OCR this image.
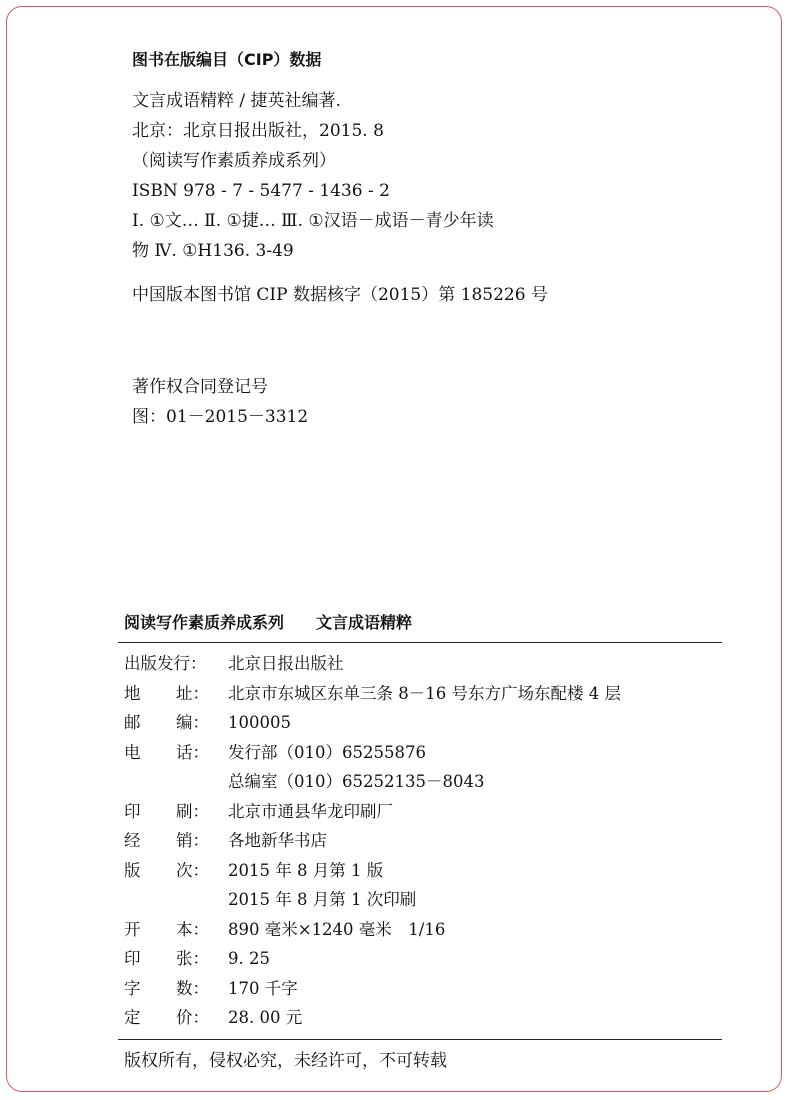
图书在版编目（CIP）数据
文言成语精粹 / 捷英社编著.
北京：北京日报出版社，2015. 8
（阅读写作素质养成系列）
ISBN 978 - 7 - 5477 - 1436 - 2
Ⅰ. ①文… Ⅱ. ①捷… Ⅲ. ①汉语－成语－青少年读
物 Ⅳ. ①H136. 3-49
中国版本图书馆 CIP 数据核字（2015）第 185226 号
著作权合同登记号
图：01－2015－3312
阅读写作素质养成系列　　 文言成语精粹
出版发行：	北京日报出版社
地	址：	北京市东城区东单三条 8－16 号东方广场东配楼 4 层
邮	编：	100005
电	话：	发行部（010）65255876
总编室（010）65252135－8043
印	刷：	北京市通县华龙印刷厂
经	销：	各地新华书店
版	次：	2015 年 8 月第 1 版
2015 年 8 月第 1 次印刷
开	本：	890 毫米×1240 毫米　1/16
印	张：	9. 25
字	数：	170 千字
定	价：	28. 00 元
版权所有，侵权必究，未经许可，不可转载
